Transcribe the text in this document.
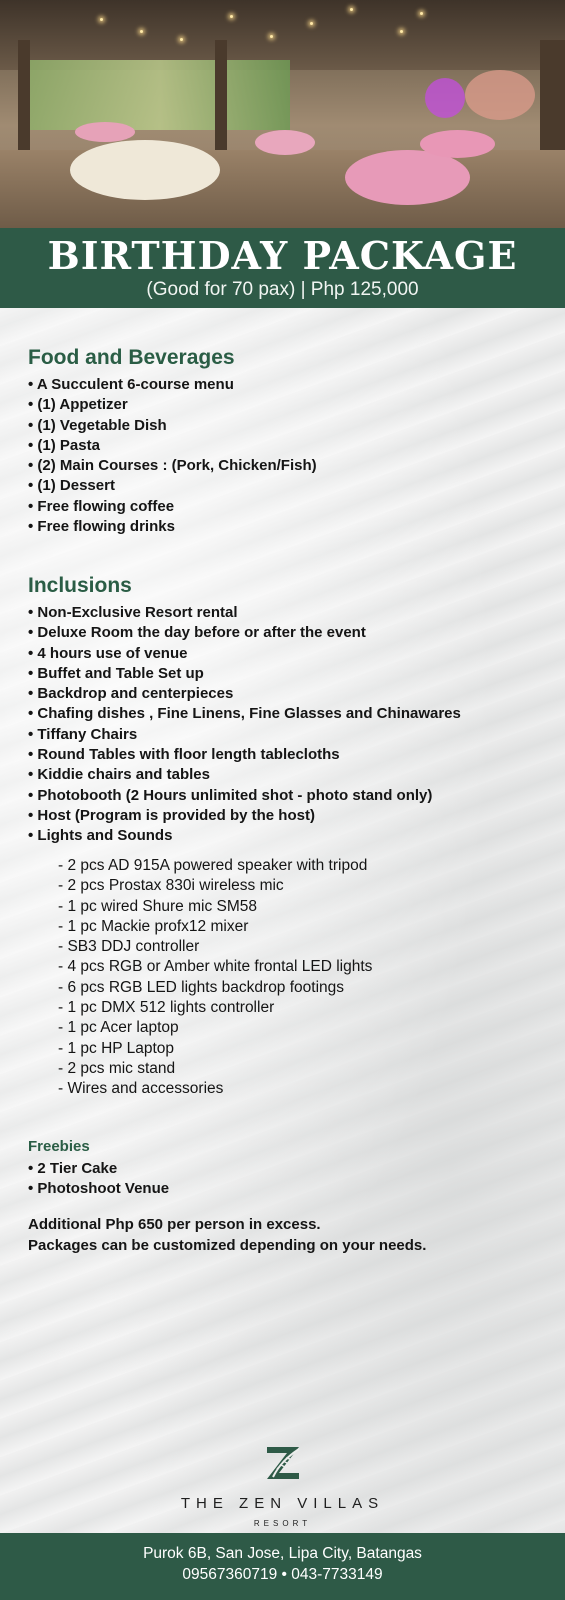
BIRTHDAY PACKAGE
(Good for 70 pax) | Php 125,000
Food and Beverages
• A Succulent 6-course menu
• (1) Appetizer
• (1) Vegetable Dish
• (1) Pasta
• (2) Main Courses : (Pork, Chicken/Fish)
• (1) Dessert
• Free flowing coffee
• Free flowing drinks
Inclusions
• Non-Exclusive Resort rental
• Deluxe Room the day before or after the event
• 4 hours use of venue
• Buffet and Table Set up
• Backdrop and centerpieces
• Chafing dishes , Fine Linens, Fine Glasses and Chinawares
• Tiffany Chairs
• Round Tables with floor length tablecloths
• Kiddie chairs and tables
• Photobooth (2 Hours unlimited shot - photo stand only)
• Host (Program is provided by the host)
• Lights and Sounds
- 2 pcs AD 915A powered speaker with tripod
- 2 pcs Prostax 830i wireless mic
- 1 pc wired Shure mic SM58
- 1 pc Mackie profx12 mixer
- SB3 DDJ controller
- 4 pcs RGB or Amber white frontal LED lights
- 6 pcs RGB LED lights backdrop footings
- 1 pc DMX 512 lights controller
- 1 pc Acer laptop
- 1 pc HP Laptop
- 2 pcs mic stand
- Wires and accessories
Freebies
• 2 Tier Cake
• Photoshoot Venue
Additional Php 650 per person in excess.
Packages can be customized depending on your needs.
THE ZEN VILLAS
RESORT
Purok 6B, San Jose, Lipa City, Batangas
09567360719 • 043-7733149
